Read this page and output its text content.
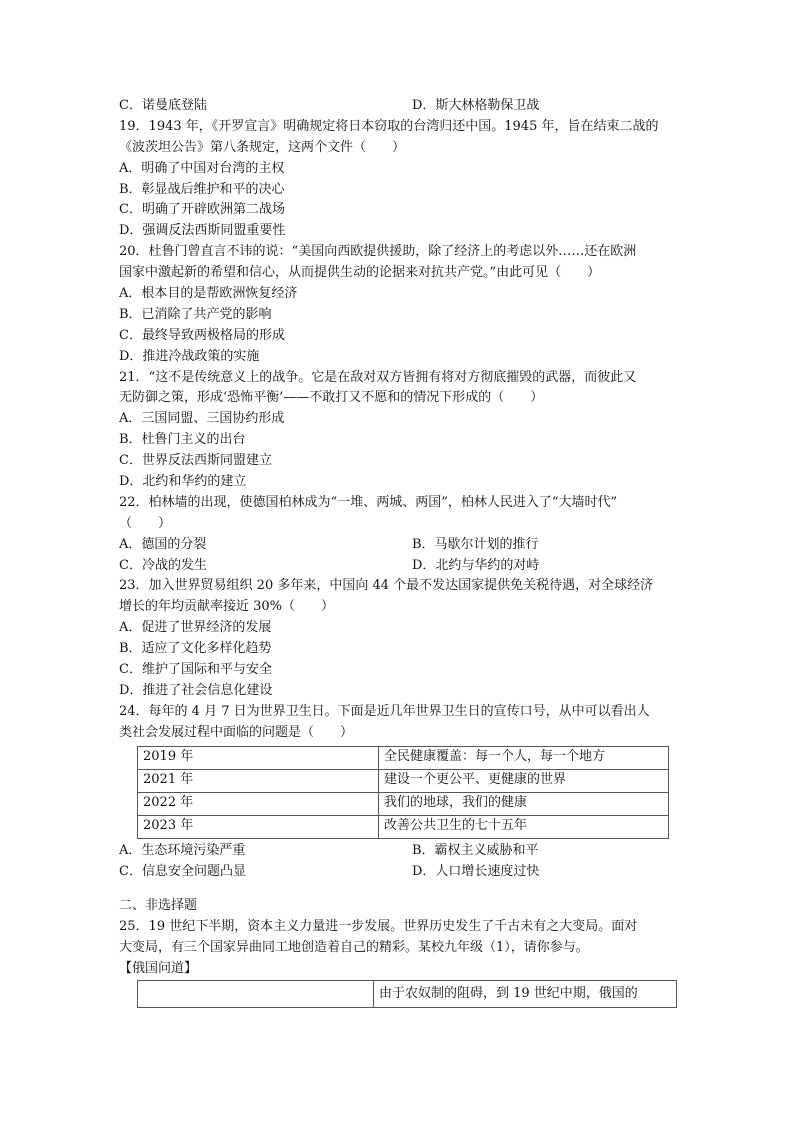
C．诺曼底登陆	D．斯大林格勒保卫战
19．1943 年，《开罗宣言》明确规定将日本窃取的台湾归还中国。1945 年，旨在结束二战的
《波茨坦公告》第八条规定，这两个文件（　　）
A．明确了中国对台湾的主权
B．彰显战后维护和平的决心
C．明确了开辟欧洲第二战场
D．强调反法西斯同盟重要性
20．杜鲁门曾直言不讳的说：“美国向西欧提供援助，除了经济上的考虑以外……还在欧洲
国家中激起新的希望和信心，从而提供生动的论据来对抗共产党。”由此可见（　　）
A．根本目的是帮欧洲恢复经济
B．已消除了共产党的影响
C．最终导致两极格局的形成
D．推进冷战政策的实施
21．“这不是传统意义上的战争。它是在敌对双方皆拥有将对方彻底摧毁的武器，而彼此又
无防御之策，形成‘恐怖平衡’——不敢打又不愿和的情况下形成的（　　）
A．三国同盟、三国协约形成
B．杜鲁门主义的出台
C．世界反法西斯同盟建立
D．北约和华约的建立
22．柏林墙的出现，使德国柏林成为“一堆、两城、两国”，柏林人民进入了“大墙时代”
（　　）
A．德国的分裂	B．马歇尔计划的推行
C．冷战的发生	D．北约与华约的对峙
23．加入世界贸易组织 20 多年来，中国向 44 个最不发达国家提供免关税待遇，对全球经济
增长的年均贡献率接近 30%（　　）
A．促进了世界经济的发展
B．适应了文化多样化趋势
C．维护了国际和平与安全
D．推进了社会信息化建设
24．每年的 4 月 7 日为世界卫生日。下面是近几年世界卫生日的宣传口号，从中可以看出人
类社会发展过程中面临的问题是（　　）
2019 年	全民健康覆盖：每一个人，每一个地方
2021 年	建设一个更公平、更健康的世界
2022 年	我们的地球，我们的健康
2023 年	改善公共卫生的七十五年
A．生态环境污染严重	B．霸权主义威胁和平
C．信息安全问题凸显	D．人口增长速度过快
二、非选择题
25．19 世纪下半期，资本主义力量进一步发展。世界历史发生了千古未有之大变局。面对
大变局，有三个国家异曲同工地创造着自己的精彩。某校九年级（1），请你参与。
【俄国问道】
	由于农奴制的阻碍，到 19 世纪中期，俄国的
